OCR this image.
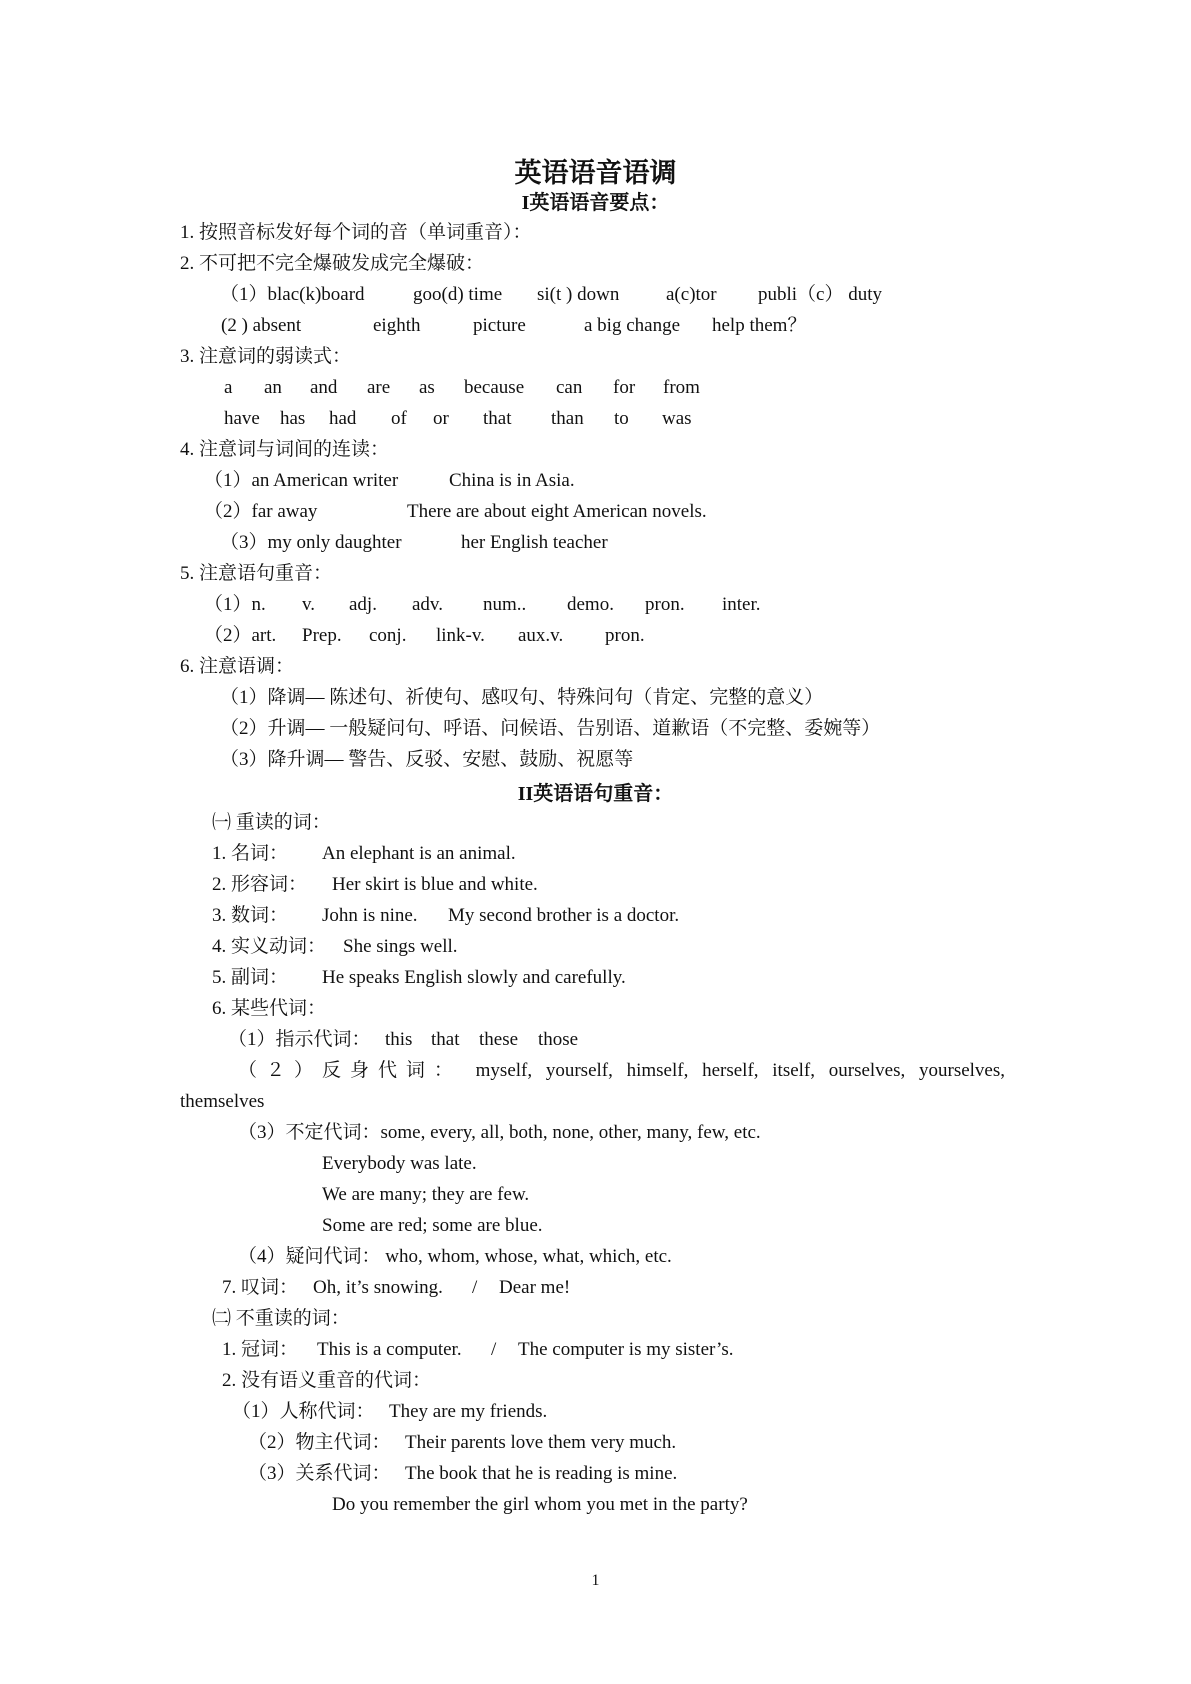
英语语音语调
I英语语音要点：
1. 按照音标发好每个词的音（单词重音）：
2. 不可把不完全爆破发成完全爆破：
（1）blac(k)board	goo(d) time si(t ) down a(c)tor publi（c） duty
(2 ) absent	eighth	picture	a big change help them？
3. 注意词的弱读式：
a an and are as because can for from
have has had of or that than to was
4. 注意词与词间的连读：
（1）an American writer	China is in Asia.
（2）far away	There are about eight American novels.
（3）my only daughter	her English teacher
5. 注意语句重音：
（1）n. v. adj. adv. num.. demo. pron. inter.
（2）art. Prep. conj. link-v. aux.v. pron.
6. 注意语调：
（1）降调— 陈述句、祈使句、感叹句、特殊问句（肯定、完整的意义）
（2）升调— 一般疑问句、呼语、问候语、告别语、道歉语（不完整、委婉等）
（3）降升调— 警告、反驳、安慰、鼓励、祝愿等
II英语语句重音：
㈠ 重读的词：
1. 名词： An elephant is an animal.
2. 形容词： Her skirt is blue and white.
3. 数词： John is nine. My second brother is a doctor.
4. 实义动词： She sings well.
5. 副词： He speaks English slowly and carefully.
6. 某些代词：
（1）指示代词： this that these those
（２）反身代词： myself, yourself, himself, herself, itself, ourselves, yourselves,
themselves
（3）不定代词：some, every, all, both, none, other, many, few, etc.
Everybody was late.
We are many; they are few.
Some are red; some are blue.
（4）疑问代词： who, whom, whose, what, which, etc.
7. 叹词： Oh, it’s snowing. / Dear me!
㈡ 不重读的词：
1. 冠词： This is a computer. / The computer is my sister’s.
2. 没有语义重音的代词：
（1）人称代词： They are my friends.
（2）物主代词： Their parents love them very much.
（3）关系代词： The book that he is reading is mine.
Do you remember the girl whom you met in the party?
1
